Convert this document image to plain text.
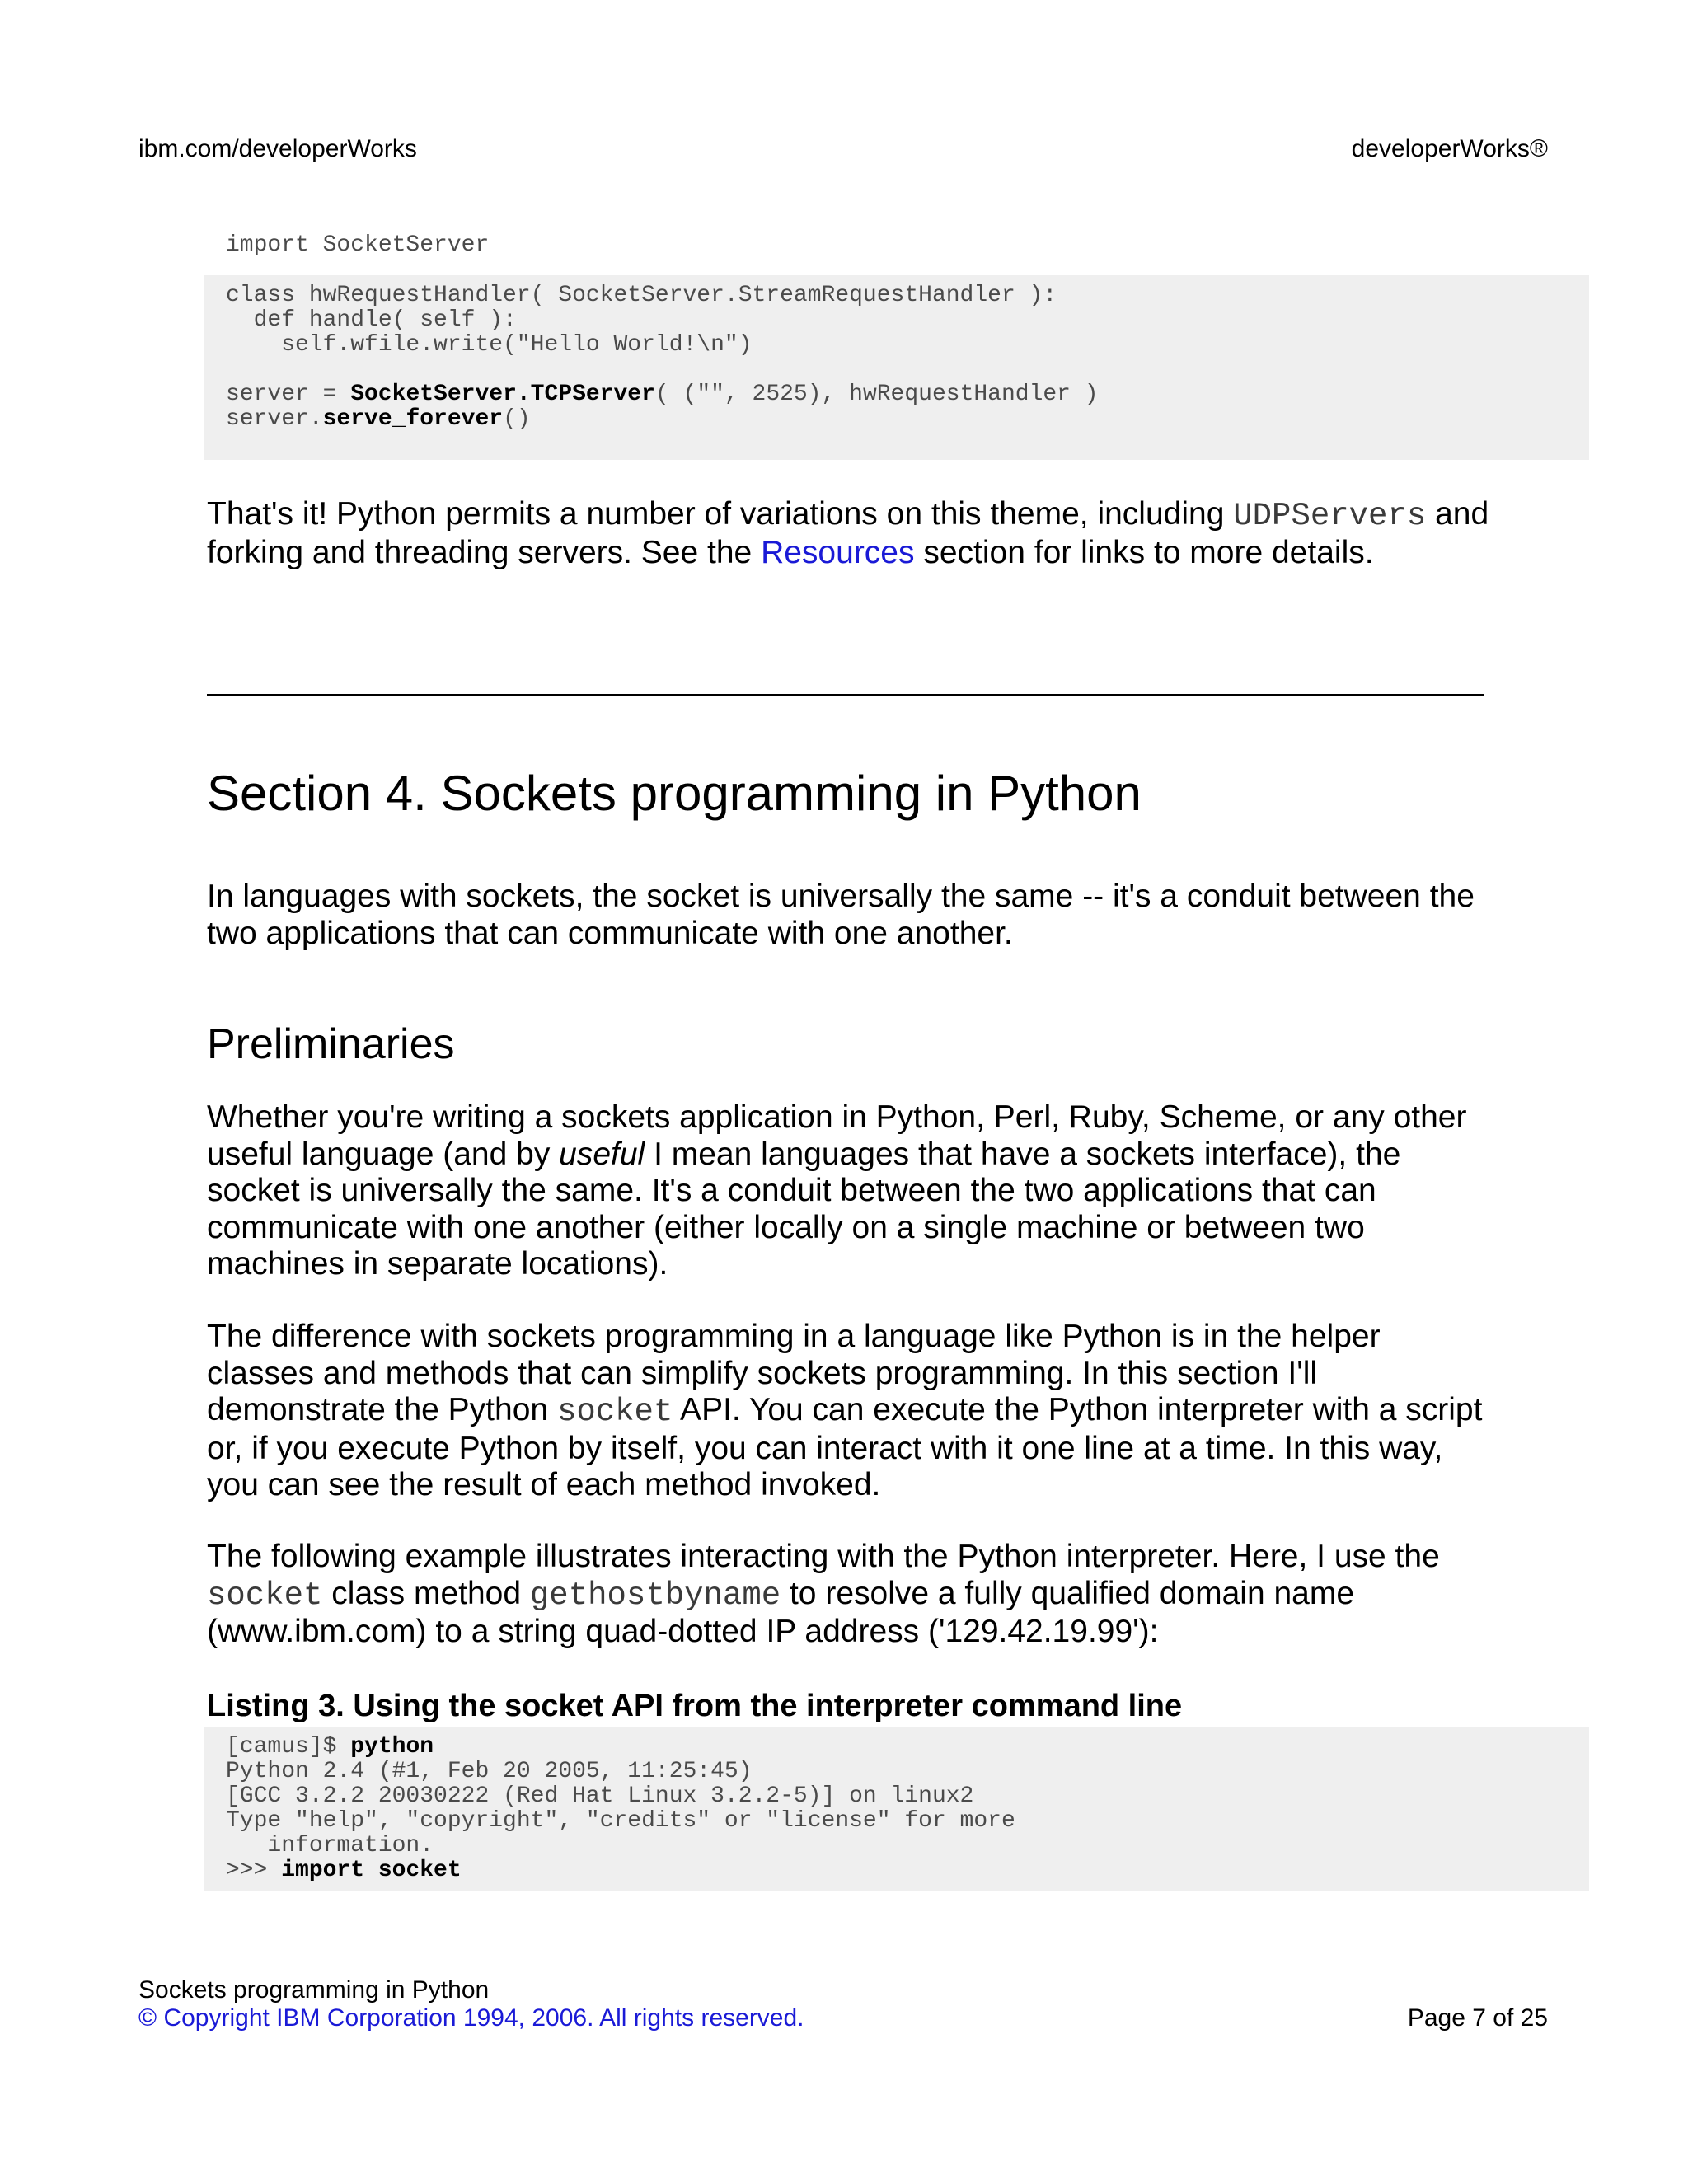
ibm.com/developerWorks	developerWorks®
import SocketServer
class hwRequestHandler( SocketServer.StreamRequestHandler ):
def handle( self ):
self.wfile.write("Hello World!\n")

server = SocketServer.TCPServer( ("", 2525), hwRequestHandler )
server.serve_forever()
That's it! Python permits a number of variations on this theme, including UDPServers and forking and threading servers. See the Resources section for links to more details.
Section 4. Sockets programming in Python
In languages with sockets, the socket is universally the same -- it's a conduit between the two applications that can communicate with one another.
Preliminaries
Whether you're writing a sockets application in Python, Perl, Ruby, Scheme, or any other useful language (and by useful I mean languages that have a sockets interface), the socket is universally the same. It's a conduit between the two applications that can communicate with one another (either locally on a single machine or between two machines in separate locations).
The difference with sockets programming in a language like Python is in the helper classes and methods that can simplify sockets programming. In this section I'll demonstrate the Python socket API. You can execute the Python interpreter with a script or, if you execute Python by itself, you can interact with it one line at a time. In this way, you can see the result of each method invoked.
The following example illustrates interacting with the Python interpreter. Here, I use the socket class method gethostbyname to resolve a fully qualified domain name (www.ibm.com) to a string quad-dotted IP address ('129.42.19.99'):
Listing 3. Using the socket API from the interpreter command line
[camus]$ python
Python 2.4 (#1, Feb 20 2005, 11:25:45)
[GCC 3.2.2 20030222 (Red Hat Linux 3.2.2-5)] on linux2
Type "help", "copyright", "credits" or "license" for more
information.
>>> import socket
Sockets programming in Python
© Copyright IBM Corporation 1994, 2006. All rights reserved.	Page 7 of 25
